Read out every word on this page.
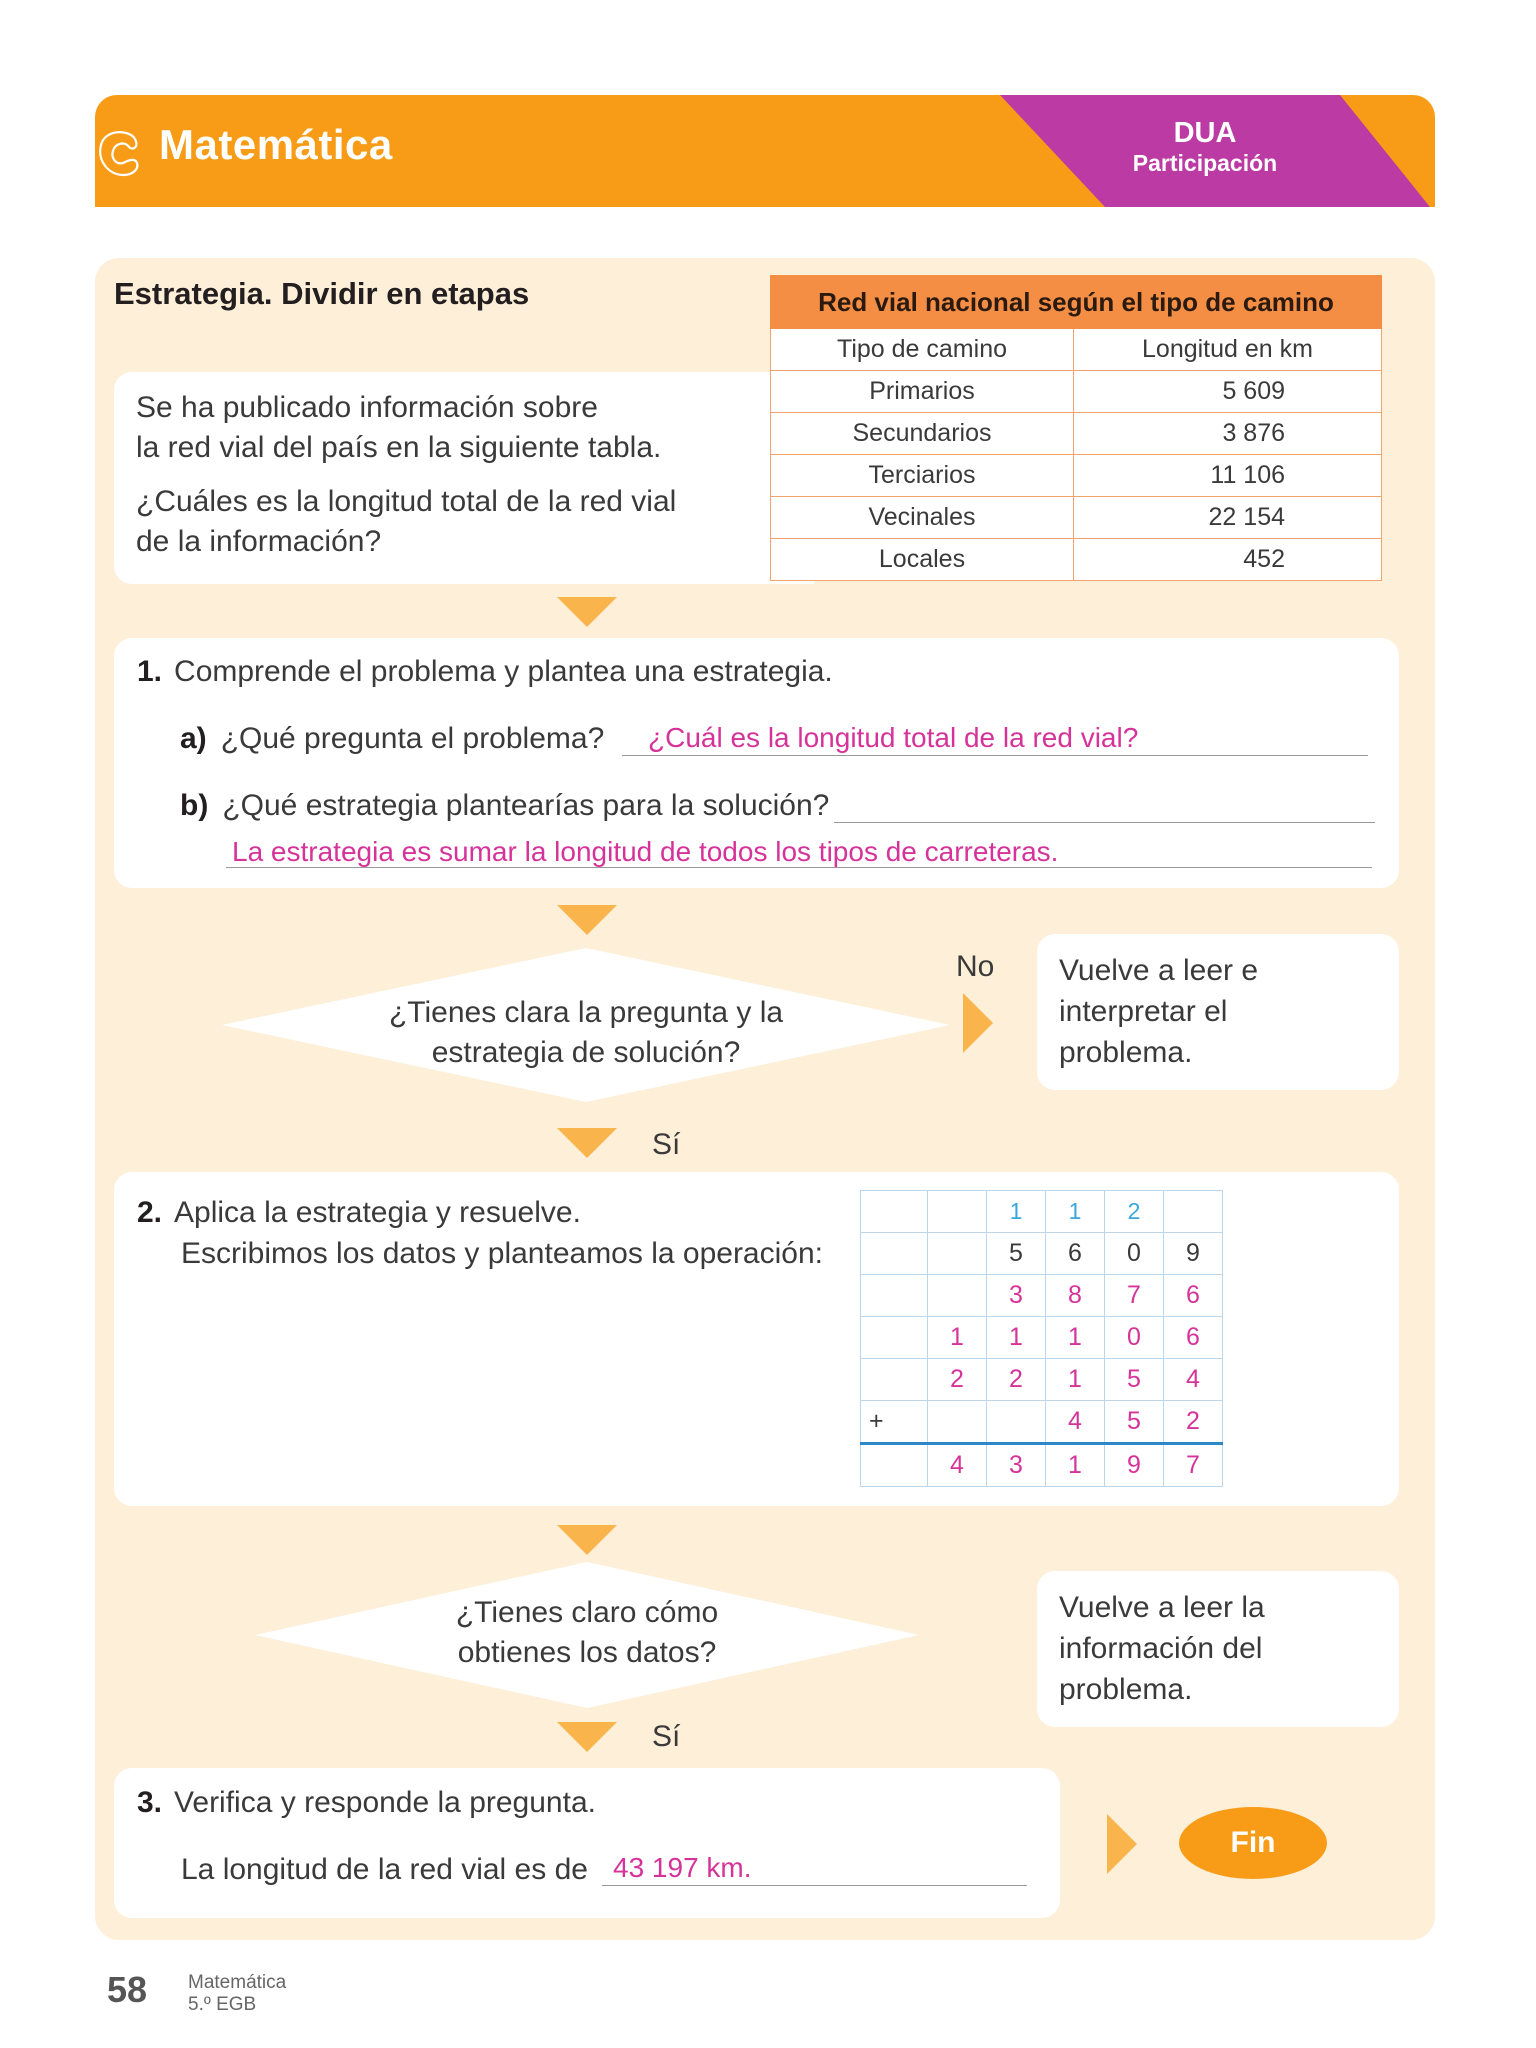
Matemática	DUA
Participación
Estrategia. Dividir en etapas

Se ha publicado información sobre
la red vial del país en la siguiente tabla.

¿Cuáles es la longitud total de la red vial
de la información?

Red vial nacional según el tipo de camino	
Tipo de camino	Longitud en km
Primarios	5 609
Secundarios	3 876
Terciarios	11 106
Vecinales	22 154
Locales	452
1. Comprende el problema y plantea una estrategia.
a) ¿Qué pregunta el problema? ¿Cuál es la longitud total de la red vial?
b) ¿Qué estrategia plantearías para la solución?
La estrategia es sumar la longitud de todos los tipos de carreteras.
¿Tienes clara la pregunta y la
estrategia de solución?
No	Vuelve a leer e
interpretar el
problema.
Sí
2. Aplica la estrategia y resuelve.
Escribimos los datos y planteamos la operación:
		1	1	2	
		5	6	0	9
		3	8	7	6
	1	1	1	0	6
	2	2	1	5	4
+			4	5	2
	4	3	1	9	7
¿Tienes claro cómo
obtienes los datos?
Vuelve a leer la
información del
problema.
Sí
3. Verifica y responde la pregunta.
La longitud de la red vial es de 43 197 km.
Fin
58 Matemática
5.º EGB
